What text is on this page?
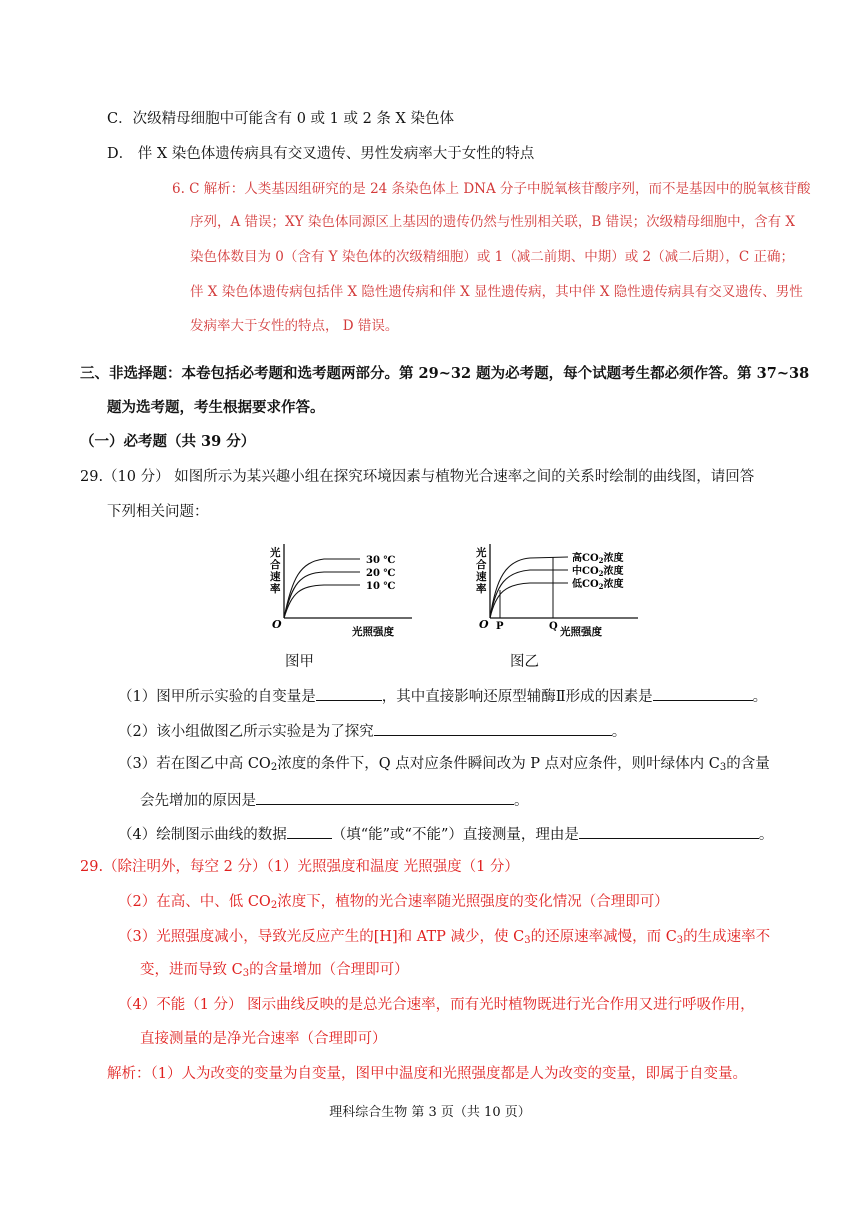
C．次级精母细胞中可能含有 0 或 1 或 2 条 X 染色体
D． 伴 X 染色体遗传病具有交叉遗传、男性发病率大于女性的特点
6. C 解析：人类基因组研究的是 24 条染色体上 DNA 分子中脱氧核苷酸序列，而不是基因中的脱氧核苷酸
序列，A 错误；XY 染色体同源区上基因的遗传仍然与性别相关联，B 错误；次级精母细胞中，含有 X
染色体数目为 0（含有 Y 染色体的次级精细胞）或 1（减二前期、中期）或 2（减二后期），C 正确；
伴 X 染色体遗传病包括伴 X 隐性遗传病和伴 X 显性遗传病，其中伴 X 隐性遗传病具有交叉遗传、男性
发病率大于女性的特点， D 错误。
三、非选择题：本卷包括必考题和选考题两部分。第 29~32 题为必考题，每个试题考生都必须作答。第 37~38
题为选考题，考生根据要求作答。
（一）必考题（共 39 分）
29.（10 分） 如图所示为某兴趣小组在探究环境因素与植物光合速率之间的关系时绘制的曲线图，请回答
下列相关问题：
光
合
速
率
30 ℃
20 ℃
10 ℃
O
光照强度
光
合
速
率
高$CO_2$浓度
中$CO_2$浓度
低$CO_2$浓度
O P	Q 光照强度
图甲	图乙
（1）图甲所示实验的自变量是	，其中直接影响还原型辅酶Ⅱ形成的因素是	。
（2）该小组做图乙所示实验是为了探究	。
（3）若在图乙中高 $CO_2$浓度的条件下，Q 点对应条件瞬间改为 P 点对应条件，则叶绿体内 $C_3$的含量
会先增加的原因是	。
（4）绘制图示曲线的数据	（填“能”或“不能”）直接测量，理由是	。
29.（除注明外，每空 2 分）（1）光照强度和温度 光照强度（1 分）
（2）在高、中、低 $CO_2$浓度下，植物的光合速率随光照强度的变化情况（合理即可）
（3）光照强度减小，导致光反应产生的[H]和 ATP 减少，使 $C_3$的还原速率减慢，而 $C_3$的生成速率不
变，进而导致 $C_3$的含量增加（合理即可）
（4）不能（1 分） 图示曲线反映的是总光合速率，而有光时植物既进行光合作用又进行呼吸作用，
直接测量的是净光合速率（合理即可）
解析：（1）人为改变的变量为自变量，图甲中温度和光照强度都是人为改变的变量，即属于自变量。
理科综合生物 第 3 页（共 10 页）
